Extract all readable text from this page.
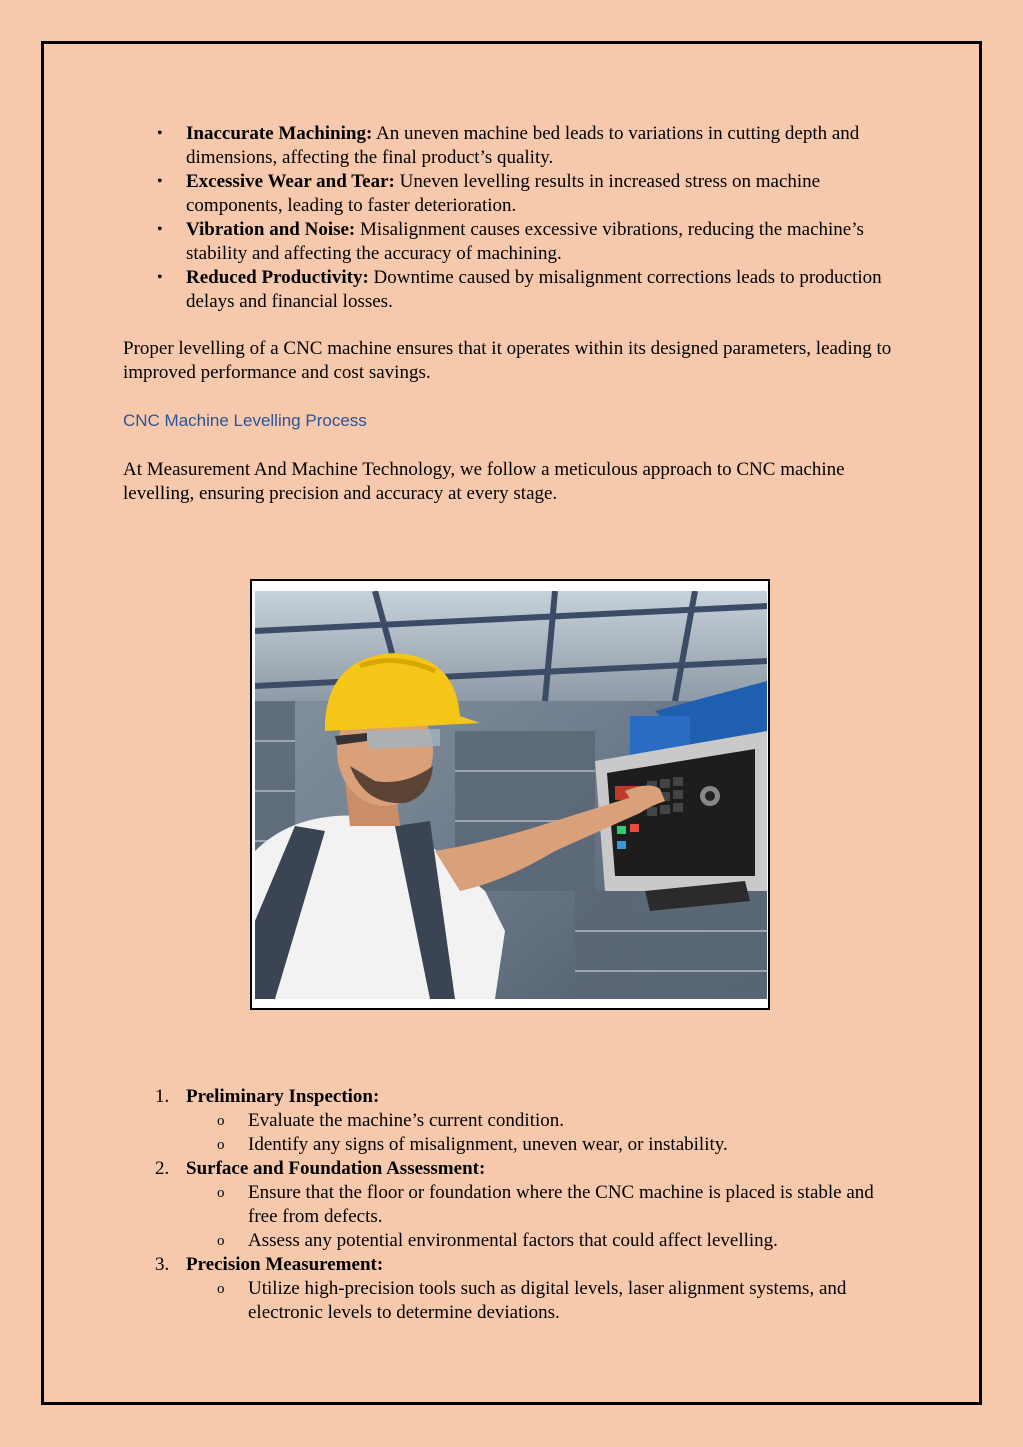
• Inaccurate Machining: An uneven machine bed leads to variations in cutting depth and dimensions, affecting the final product’s quality.
• Excessive Wear and Tear: Uneven levelling results in increased stress on machine components, leading to faster deterioration.
• Vibration and Noise: Misalignment causes excessive vibrations, reducing the machine’s stability and affecting the accuracy of machining.
• Reduced Productivity: Downtime caused by misalignment corrections leads to production delays and financial losses.

Proper levelling of a CNC machine ensures that it operates within its designed parameters, leading to improved performance and cost savings.

CNC Machine Levelling Process

At Measurement And Machine Technology, we follow a meticulous approach to CNC machine levelling, ensuring precision and accuracy at every stage.

1. Preliminary Inspection:
o Evaluate the machine’s current condition.
o Identify any signs of misalignment, uneven wear, or instability.
2. Surface and Foundation Assessment:
o Ensure that the floor or foundation where the CNC machine is placed is stable and free from defects.
o Assess any potential environmental factors that could affect levelling.
3. Precision Measurement:
o Utilize high-precision tools such as digital levels, laser alignment systems, and electronic levels to determine deviations.
